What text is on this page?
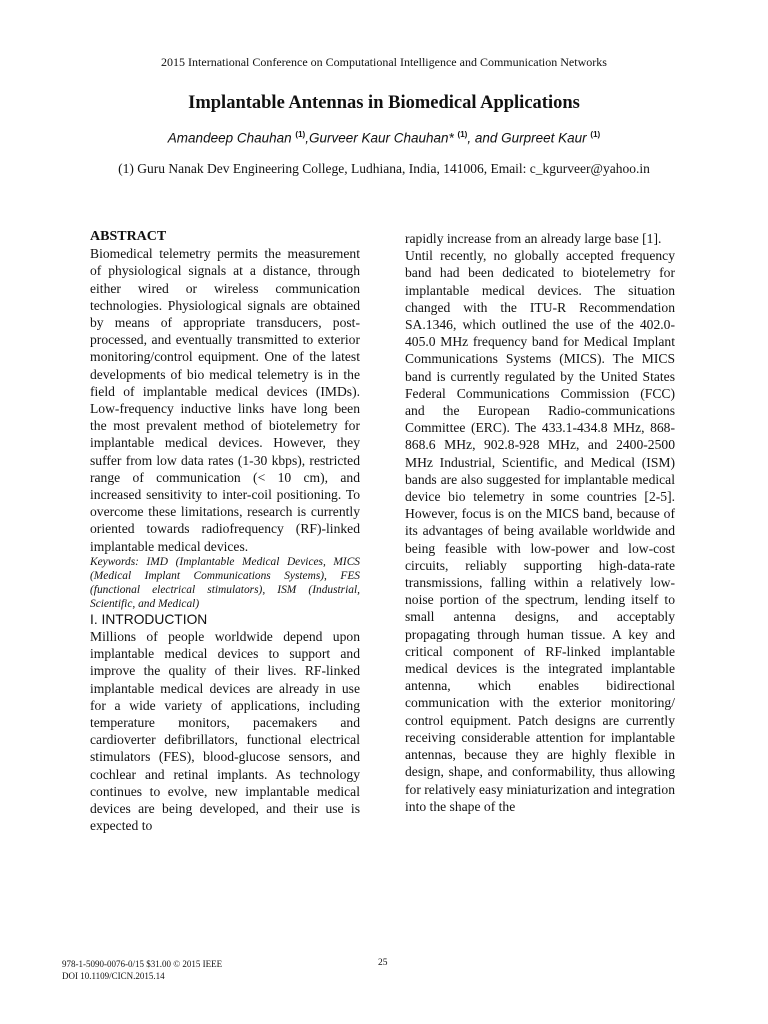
2015 International Conference on Computational Intelligence and Communication Networks
Implantable Antennas in Biomedical Applications
Amandeep Chauhan $^{(1)}$,Gurveer Kaur Chauhan* $^{(1)}$, and Gurpreet Kaur $^{(1)}$
(1) Guru Nanak Dev Engineering College, Ludhiana, India, 141006, Email: c_kgurveer@yahoo.in

ABSTRACT

Biomedical telemetry permits the measurement of physiological signals at a distance, through either wired or wireless communication technologies. Physiological signals are obtained by means of appropriate transducers, post-processed, and eventually transmitted to exterior monitoring/control equipment. One of the latest developments of bio medical telemetry is in the field of implantable medical devices (IMDs). Low-frequency inductive links have long been the most prevalent method of biotelemetry for implantable medical devices. However, they suffer from low data rates (1-30 kbps), restricted range of communication (< 10 cm), and increased sensitivity to inter-coil positioning. To overcome these limitations, research is currently oriented towards radiofrequency (RF)-linked implantable medical devices.

Keywords: IMD (Implantable Medical Devices, MICS (Medical Implant Communications Systems), FES (functional electrical stimulators), ISM (Industrial, Scientific, and Medical)

I. INTRODUCTION

Millions of people worldwide depend upon implantable medical devices to support and improve the quality of their lives. RF-linked implantable medical devices are already in use for a wide variety of applications, including temperature monitors, pacemakers and cardioverter defibrillators, functional electrical stimulators (FES), blood-glucose sensors, and cochlear and retinal implants. As technology continues to evolve, new implantable medical devices are being developed, and their use is expected to

rapidly increase from an already large base [1].

Until recently, no globally accepted frequency band had been dedicated to biotelemetry for implantable medical devices. The situation changed with the ITU-R Recommendation SA.1346, which outlined the use of the 402.0-405.0 MHz frequency band for Medical Implant Communications Systems (MICS). The MICS band is currently regulated by the United States Federal Communications Commission (FCC) and the European Radio-communications Committee (ERC). The 433.1-434.8 MHz, 868-868.6 MHz, 902.8-928 MHz, and 2400-2500 MHz Industrial, Scientific, and Medical (ISM) bands are also suggested for implantable medical device bio telemetry in some countries [2-5]. However, focus is on the MICS band, because of its advantages of being available worldwide and being feasible with low-power and low-cost circuits, reliably supporting high-data-rate transmissions, falling within a relatively low-noise portion of the spectrum, lending itself to small antenna designs, and acceptably propagating through human tissue. A key and critical component of RF-linked implantable medical devices is the integrated implantable antenna, which enables bidirectional communication with the exterior monitoring/ control equipment. Patch designs are currently receiving considerable attention for implantable antennas, because they are highly flexible in design, shape, and conformability, thus allowing for relatively easy miniaturization and integration into the shape of the

978-1-5090-0076-0/15 $31.00 © 2015 IEEE
DOI 10.1109/CICN.2015.14
25
